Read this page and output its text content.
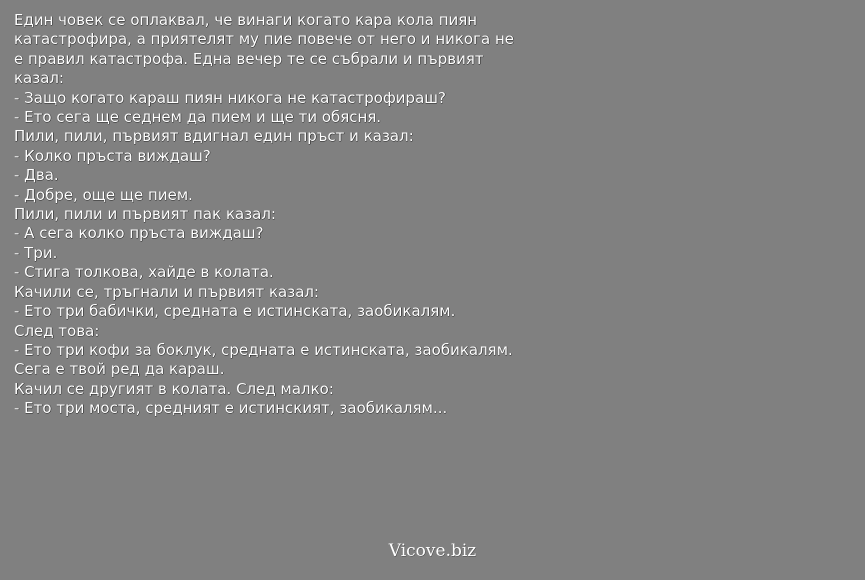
Един човек се оплаквал, че винаги когато кара кола пиян
катастрофира, а приятелят му пие повече от него и никога не
е правил катастрофа. Една вечер те се събрали и първият
казал:
- Защо когато караш пиян никога не катастрофираш?
- Ето сега ще седнем да пием и ще ти обясня.
Пили, пили, първият вдигнал един пръст и казал:
- Колко пръста виждаш?
- Два.
- Добре, още ще пием.
Пили, пили и първият пак казал:
- А сега колко пръста виждаш?
- Три.
- Стига толкова, хайде в колата.
Качили се, тръгнали и първият казал:
- Ето три бабички, средната е истинската, заобикалям.
След това:
- Ето три кофи за боклук, средната е истинската, заобикалям.
Сега е твой ред да караш.
Качил се другият в колата. След малко:
- Ето три моста, средният е истинският, заобикалям...
Vicove.biz
